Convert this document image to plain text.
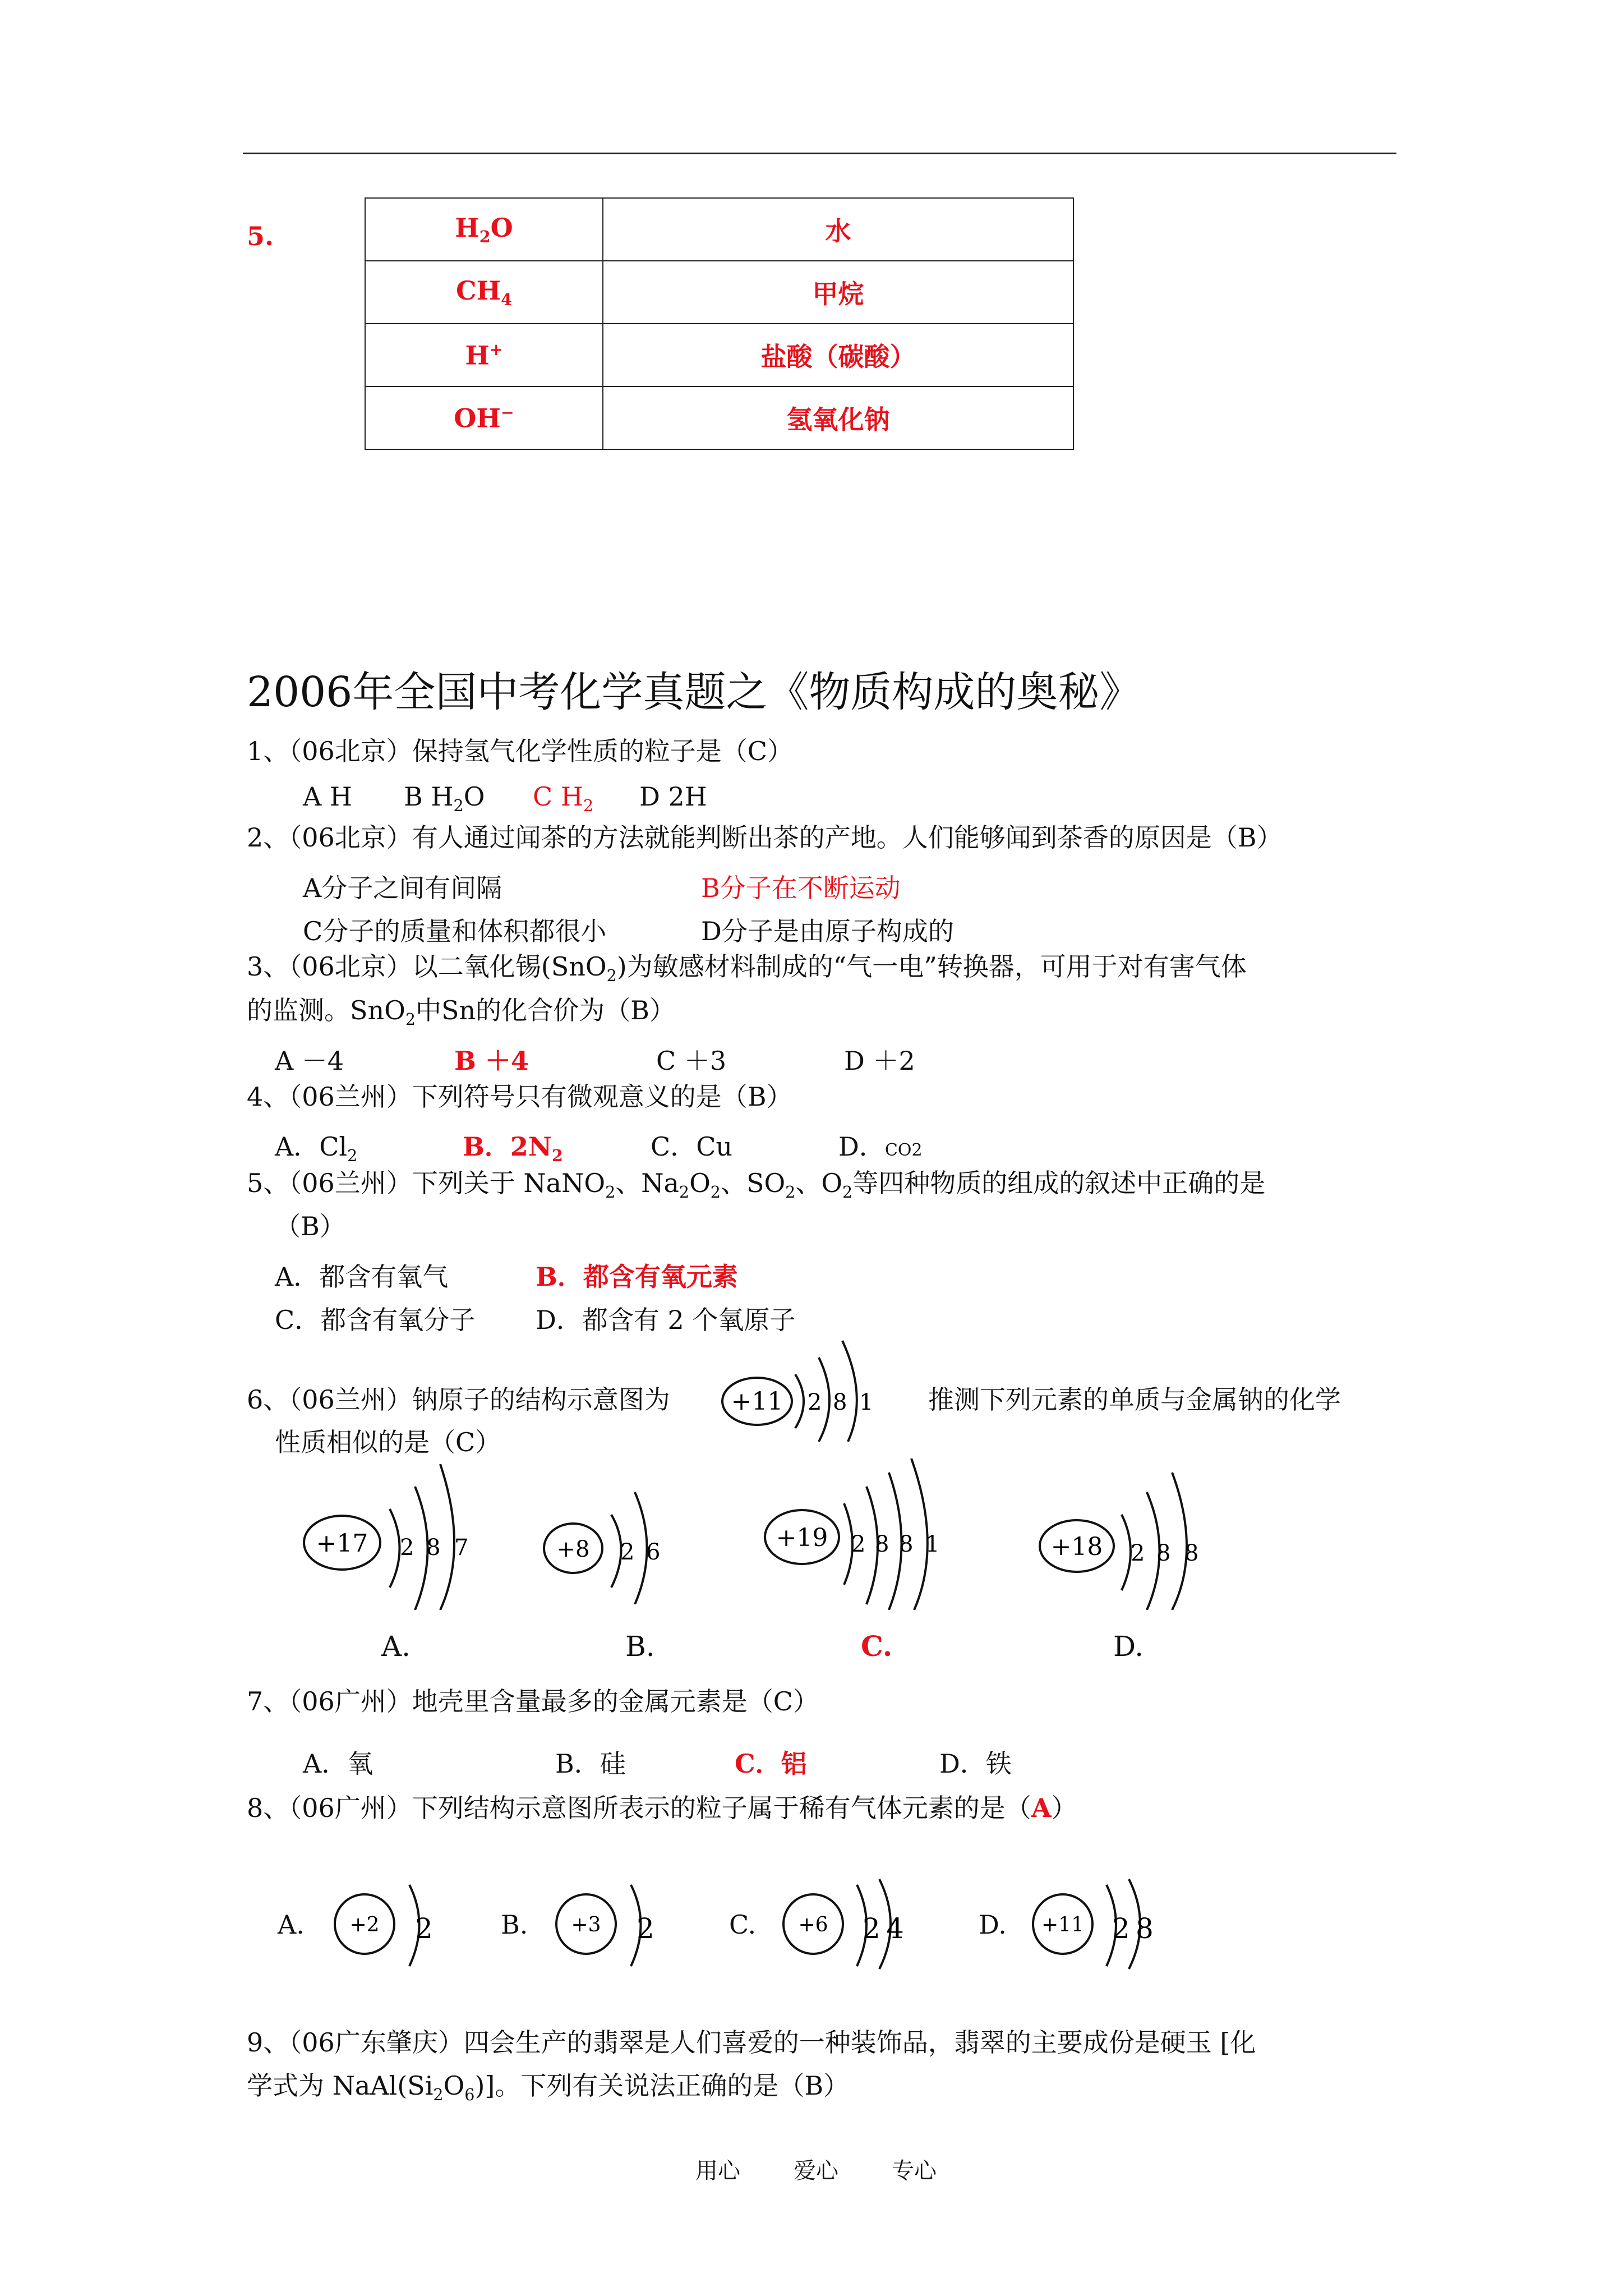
5.	$H_2O$	水
$CH_4$	甲烷
H+	盐酸（碳酸）
OH−	氢氧化钠
2006年全国中考化学真题之《物质构成的奥秘》
1、（06北京）保持氢气化学性质的粒子是（C）
A H B $H_2O$ C $H_2$ D 2H
2、（06北京）有人通过闻茶的方法就能判断出茶的产地。人们能够闻到茶香的原因是（B）
A分子之间有间隔	B分子在不断运动
C分子的质量和体积都很小	D分子是由原子构成的
3、（06北京）以二氧化锡(SnO$_2$)为敏感材料制成的“气一电”转换器，可用于对有害气体
的监测。SnO$_2$中Sn的化合价为（B）
A －4	B ＋4	C ＋3	D ＋2
4、（06兰州）下列符号只有微观意义的是（B）
A．$Cl_2$	B．$2N_2$	C．Cu	D．CO2
5、（06兰州）下列关于 NaNO$_2$、$Na_2O_2$、$SO_2$、$O_2$等四种物质的组成的叙述中正确的是
（B）
A．都含有氧气	B．都含有氧元素
C．都含有氧分子 D．都含有 2 个氧原子
6、（06兰州）钠原子的结构示意图为 +11 2 8 1 推测下列元素的单质与金属钠的化学
性质相似的是（C）
+17 2 8 7	+8 2 6	+19 2 8 8 1	+18 2 8 8
A.	B.	C.	D.
7、（06广州）地壳里含量最多的金属元素是（C）
A．氧	B．硅	C．铝	D．铁
8、（06广州）下列结构示意图所表示的粒子属于稀有气体元素的是（A）
A. +2 2	B. +3 2	C. +6 2 4	D. +11 2 8
9、（06广东肇庆）四会生产的翡翠是人们喜爱的一种装饰品，翡翠的主要成份是硬玉 [化
学式为 $NaAl(Si_2O_6)$]。下列有关说法正确的是（B）
用心 爱心 专心
